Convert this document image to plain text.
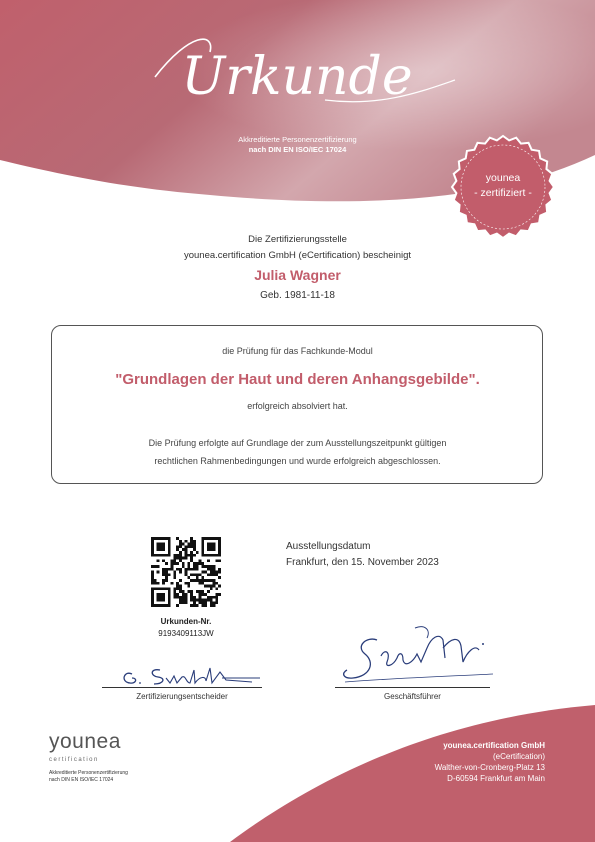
Urkunde
Akkreditierte Personenzertifizierung
nach DIN EN ISO/IEC 17024
younea
- zertifiziert -
Die Zertifizierungsstelle
younea.certification GmbH (eCertification) bescheinigt
Julia Wagner
Geb. 1981-11-18
die Prüfung für das Fachkunde-Modul
"Grundlagen der Haut und deren Anhangsgebilde".
erfolgreich absolviert hat.
Die Prüfung erfolgte auf Grundlage der zum Ausstellungszeitpunkt gültigen
rechtlichen Rahmenbedingungen und wurde erfolgreich abgeschlossen.
Urkunden-Nr.
9193409113JW
Ausstellungsdatum
Frankfurt, den 15. November 2023
Zertifizierungsentscheider	Geschäftsführer
younea
certification
Akkreditierte Personenzertifizierung
nach DIN EN ISO/IEC 17024
younea.certification GmbH
(eCertification)
Walther-von-Cronberg-Platz 13
D-60594 Frankfurt am Main
